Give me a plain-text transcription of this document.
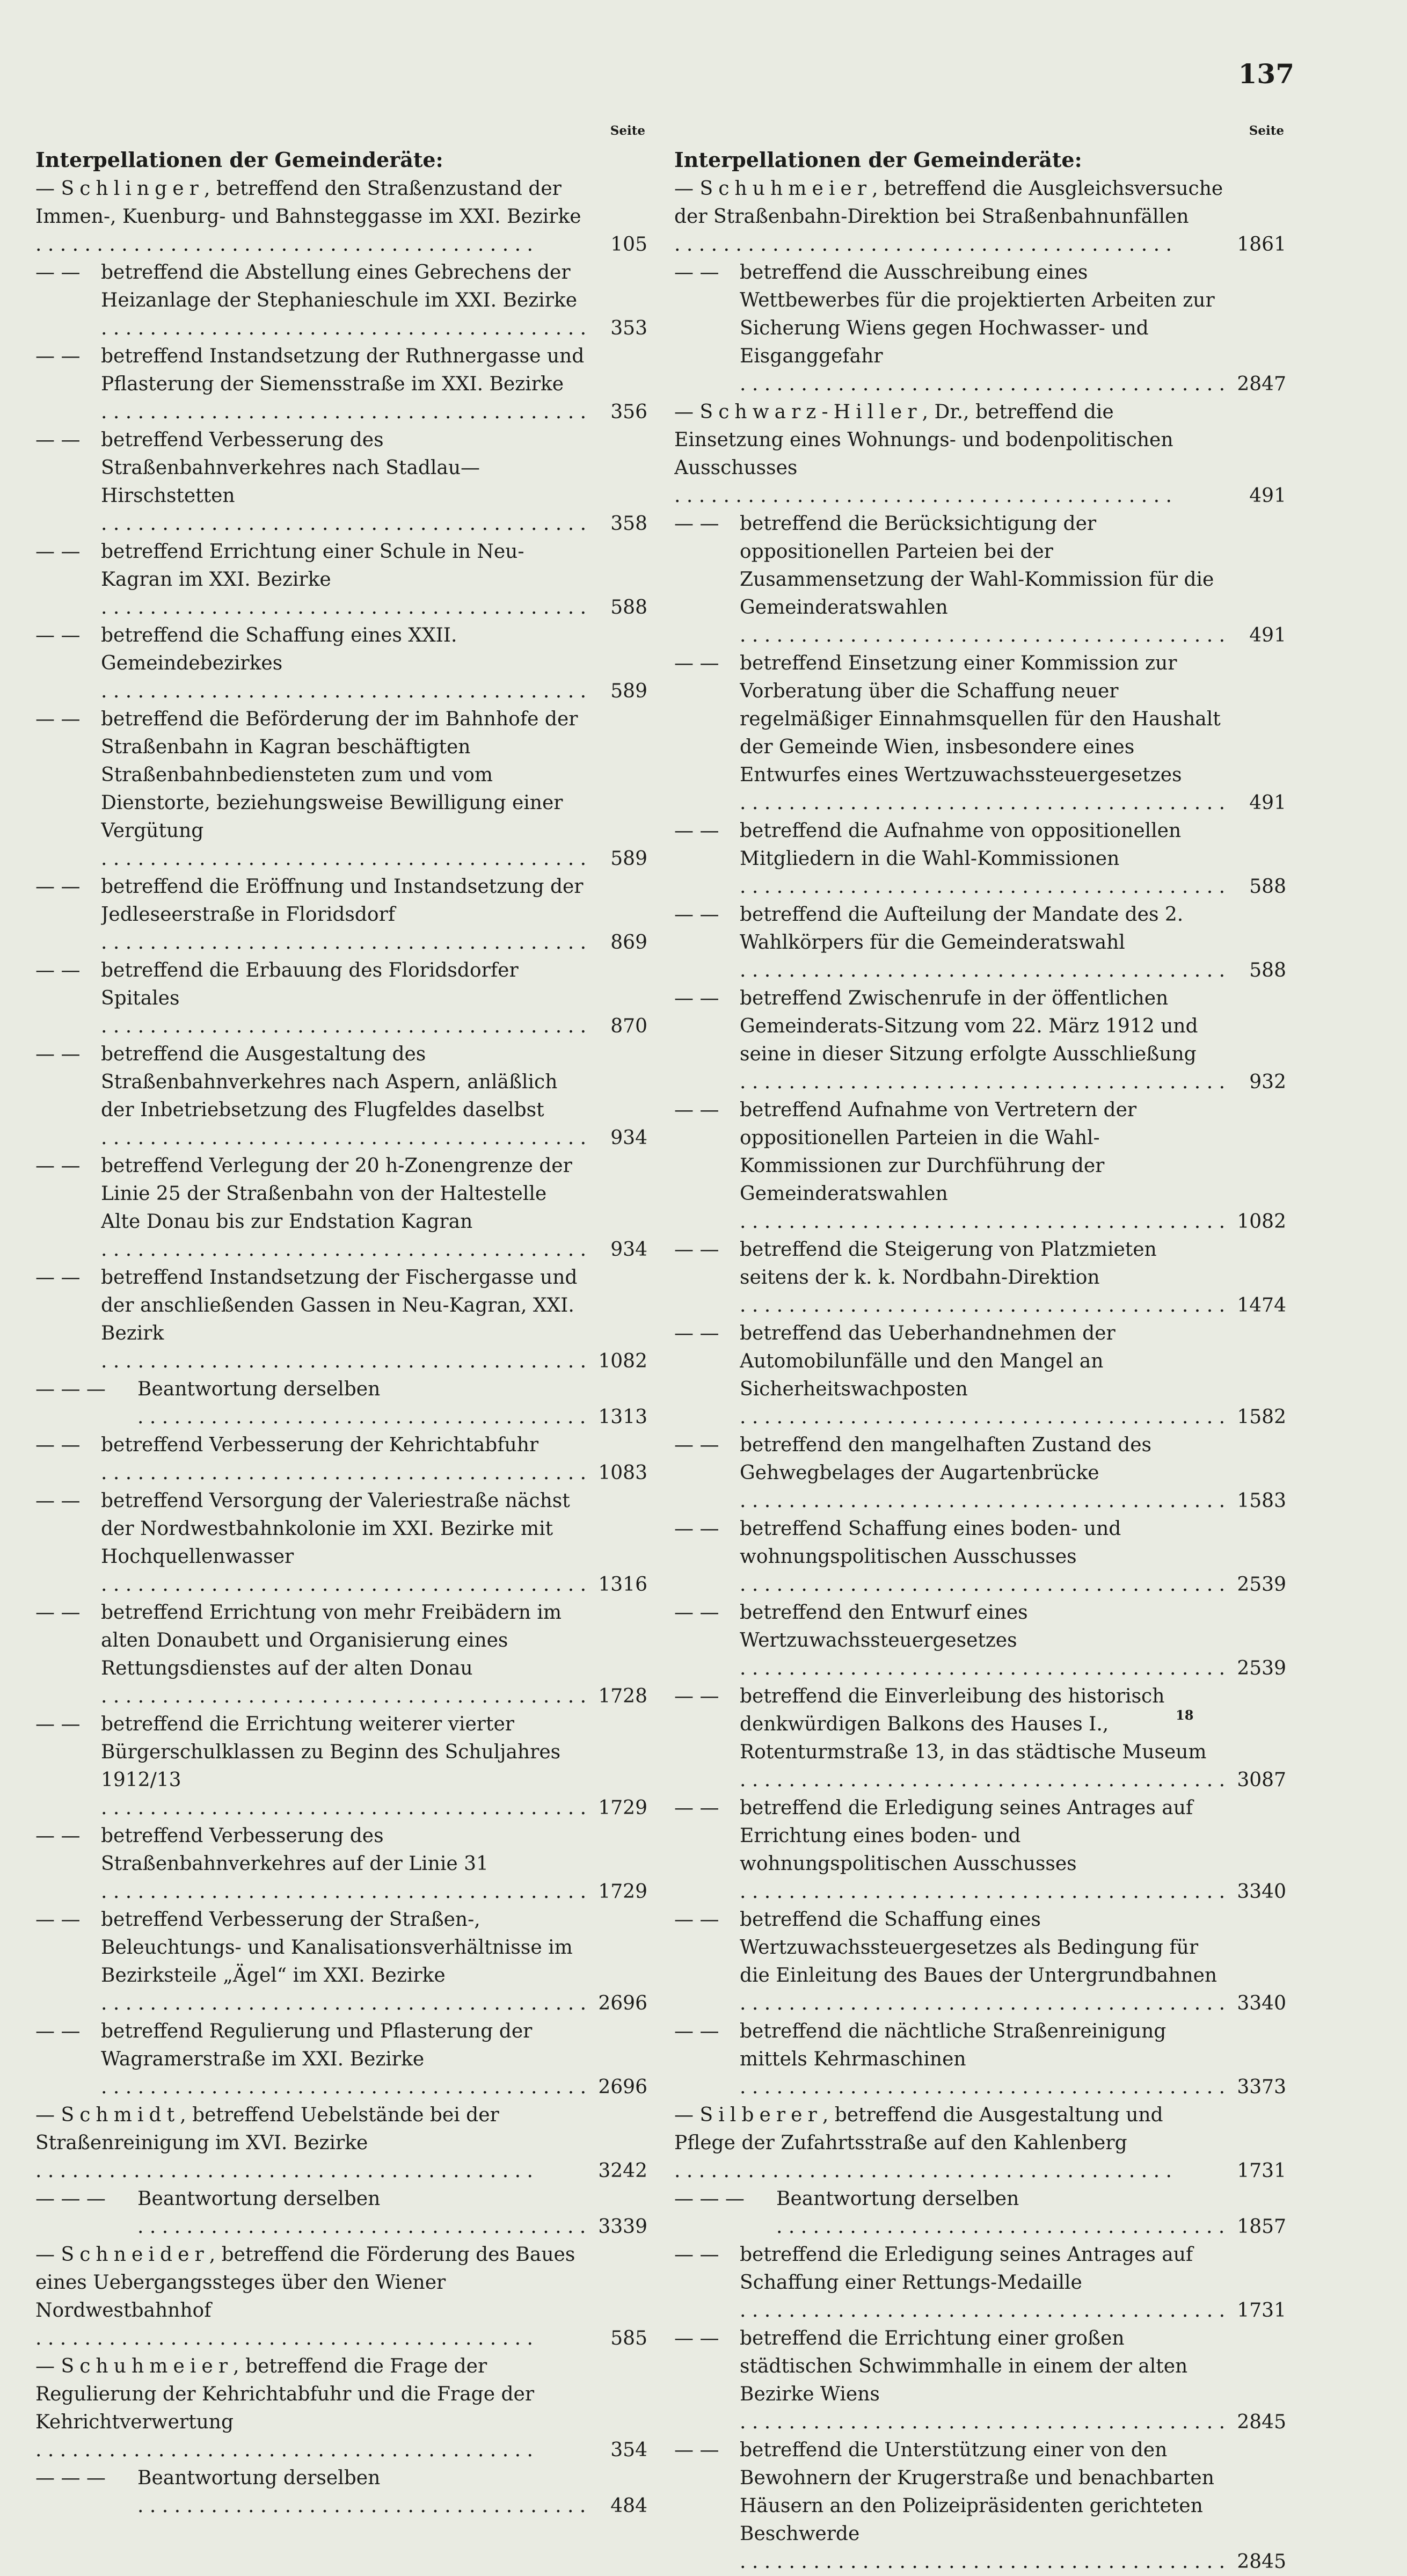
137
Seite
Interpellationen der Gemeinderäte:
— Schlinger, betreffend den Straßenzustand der Immen-, Kuenburg- und Bahnsteggasse im XXI. Bezirke . . .
105
— —	betreffend die Abstellung eines Gebrechens der Heizanlage der Stephanieschule im XXI. Bezirke . . .
353
— —	betreffend Instandsetzung der Ruthnergasse und Pflasterung der Siemensstraße im XXI. Bezirke . . .
356
— —	betreffend Verbesserung des Straßenbahnverkehres nach Stadlau—Hirschstetten . . .
358
— —	betreffend Errichtung einer Schule in Neu-Kagran im XXI. Bezirke . . .
588
— —	betreffend die Schaffung eines XXII. Gemeindebezirkes . . .
589
— —	betreffend die Beförderung der im Bahnhofe der Straßenbahn in Kagran beschäftigten Straßenbahnbediensteten zum und vom Dienstorte, beziehungsweise Bewilligung einer Vergütung . . .
589
— —	betreffend die Eröffnung und Instandsetzung der Jedleseerstraße in Floridsdorf . . .
869
— —	betreffend die Erbauung des Floridsdorfer Spitales . . .
870
— —	betreffend die Ausgestaltung des Straßenbahnverkehres nach Aspern, anläßlich der Inbetriebsetzung des Flugfeldes daselbst . . .
934
— —	betreffend Verlegung der 20 h-Zonengrenze der Linie 25 der Straßenbahn von der Haltestelle Alte Donau bis zur Endstation Kagran . . .
934
— —	betreffend Instandsetzung der Fischergasse und der anschließenden Gassen in Neu-Kagran, XXI. Bezirk . . .
1082
— — —	Beantwortung derselben . . .
1313
— —	betreffend Verbesserung der Kehrichtabfuhr . . .
1083
— —	betreffend Versorgung der Valeriestraße nächst der Nordwestbahnkolonie im XXI. Bezirke mit Hochquellenwasser . . .
1316
— —	betreffend Errichtung von mehr Freibädern im alten Donaubett und Organisierung eines Rettungsdienstes auf der alten Donau . . .
1728
— —	betreffend die Errichtung weiterer vierter Bürgerschulklassen zu Beginn des Schuljahres 1912/13 . . .
1729
— —	betreffend Verbesserung des Straßenbahnverkehres auf der Linie 31 . . .
1729
— —	betreffend Verbesserung der Straßen-, Beleuchtungs- und Kanalisationsverhältnisse im Bezirksteile „Ägel“ im XXI. Bezirke . . .
2696
— —	betreffend Regulierung und Pflasterung der Wagramerstraße im XXI. Bezirke . . .
2696
— Schmidt, betreffend Uebelstände bei der Straßenreinigung im XVI. Bezirke . . .
3242
— — —	Beantwortung derselben . . .
3339
— Schneider, betreffend die Förderung des Baues eines Uebergangssteges über den Wiener Nordwestbahnhof . . .
585
— Schuhmeier, betreffend die Frage der Regulierung der Kehrichtabfuhr und die Frage der Kehrichtverwertung . . .
354
— — —	Beantwortung derselben . . .
484
Seite
Interpellationen der Gemeinderäte:
— Schuhmeier, betreffend die Ausgleichsversuche der Straßenbahn-Direktion bei Straßenbahnunfällen . . .
1861
— —	betreffend die Ausschreibung eines Wettbewerbes für die projektierten Arbeiten zur Sicherung Wiens gegen Hochwasser- und Eisganggefahr . . .
2847
— Schwarz-Hiller, Dr., betreffend die Einsetzung eines Wohnungs- und bodenpolitischen Ausschusses . . .
491
— —	betreffend die Berücksichtigung der oppositionellen Parteien bei der Zusammensetzung der Wahl-Kommission für die Gemeinderatswahlen . . .
491
— —	betreffend Einsetzung einer Kommission zur Vorberatung über die Schaffung neuer regelmäßiger Einnahmsquellen für den Haushalt der Gemeinde Wien, insbesondere eines Entwurfes eines Wertzuwachssteuergesetzes . . .
491
— —	betreffend die Aufnahme von oppositionellen Mitgliedern in die Wahl-Kommissionen . . .
588
— —	betreffend die Aufteilung der Mandate des 2. Wahlkörpers für die Gemeinderatswahl . . .
588
— —	betreffend Zwischenrufe in der öffentlichen Gemeinderats-Sitzung vom 22. März 1912 und seine in dieser Sitzung erfolgte Ausschließung . . .
932
— —	betreffend Aufnahme von Vertretern der oppositionellen Parteien in die Wahl-Kommissionen zur Durchführung der Gemeinderatswahlen . . .
1082
— —	betreffend die Steigerung von Platzmieten seitens der k. k. Nordbahn-Direktion . . .
1474
— —	betreffend das Ueberhandnehmen der Automobilunfälle und den Mangel an Sicherheitswachposten . . .
1582
— —	betreffend den mangelhaften Zustand des Gehwegbelages der Augartenbrücke . . .
1583
— —	betreffend Schaffung eines boden- und wohnungspolitischen Ausschusses . . .
2539
— —	betreffend den Entwurf eines Wertzuwachssteuergesetzes . . .
2539
— —	betreffend die Einverleibung des historisch denkwürdigen Balkons des Hauses I., Rotenturmstraße 13, in das städtische Museum . . .
3087
— —	betreffend die Erledigung seines Antrages auf Errichtung eines boden- und wohnungspolitischen Ausschusses . . .
3340
— —	betreffend die Schaffung eines Wertzuwachssteuergesetzes als Bedingung für die Einleitung des Baues der Untergrundbahnen . . .
3340
— —	betreffend die nächtliche Straßenreinigung mittels Kehrmaschinen . . .
3373
— Silberer, betreffend die Ausgestaltung und Pflege der Zufahrtsstraße auf den Kahlenberg . . .
1731
— — —	Beantwortung derselben . . .
1857
— —	betreffend die Erledigung seines Antrages auf Schaffung einer Rettungs-Medaille . . .
1731
— —	betreffend die Errichtung einer großen städtischen Schwimmhalle in einem der alten Bezirke Wiens . . .
2845
— —	betreffend die Unterstützung einer von den Bewohnern der Krugerstraße und benachbarten Häusern an den Polizeipräsidenten gerichteten Beschwerde . . .
2845
18
